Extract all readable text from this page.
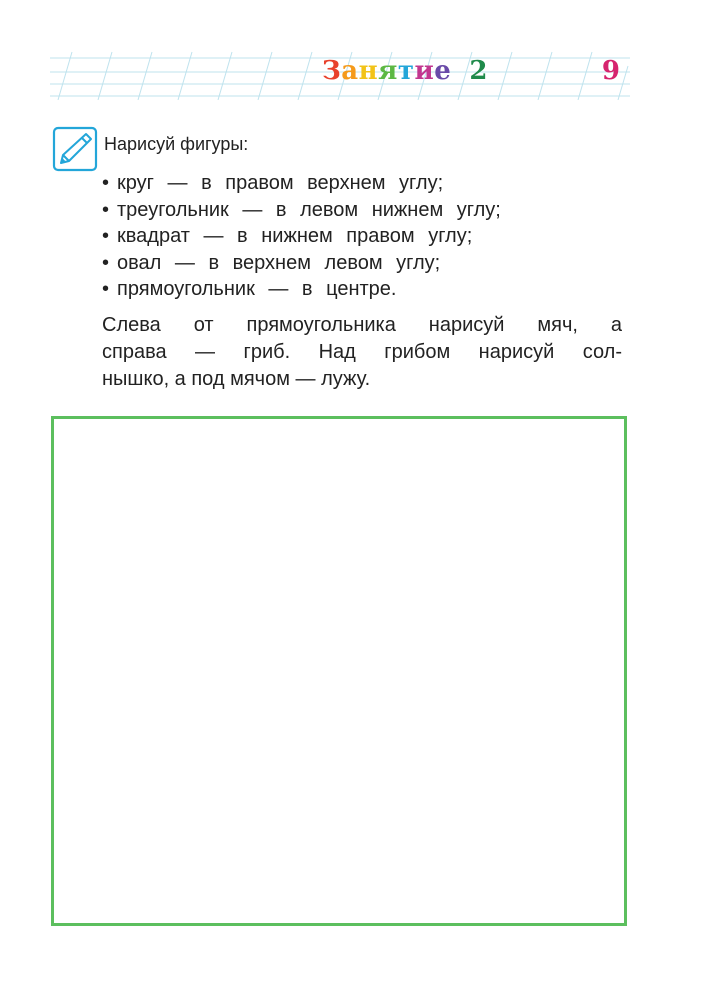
Занятие 2	9
Нарисуй фигуры:
• круг — в правом верхнем углу;
• треугольник — в левом нижнем углу;
• квадрат — в нижнем правом углу;
• овал — в верхнем левом углу;
• прямоугольник — в центре.
Слева от прямоугольника нарисуй мяч, а
справа — гриб. Над грибом нарисуй сол-
нышко, а под мячом — лужу.
